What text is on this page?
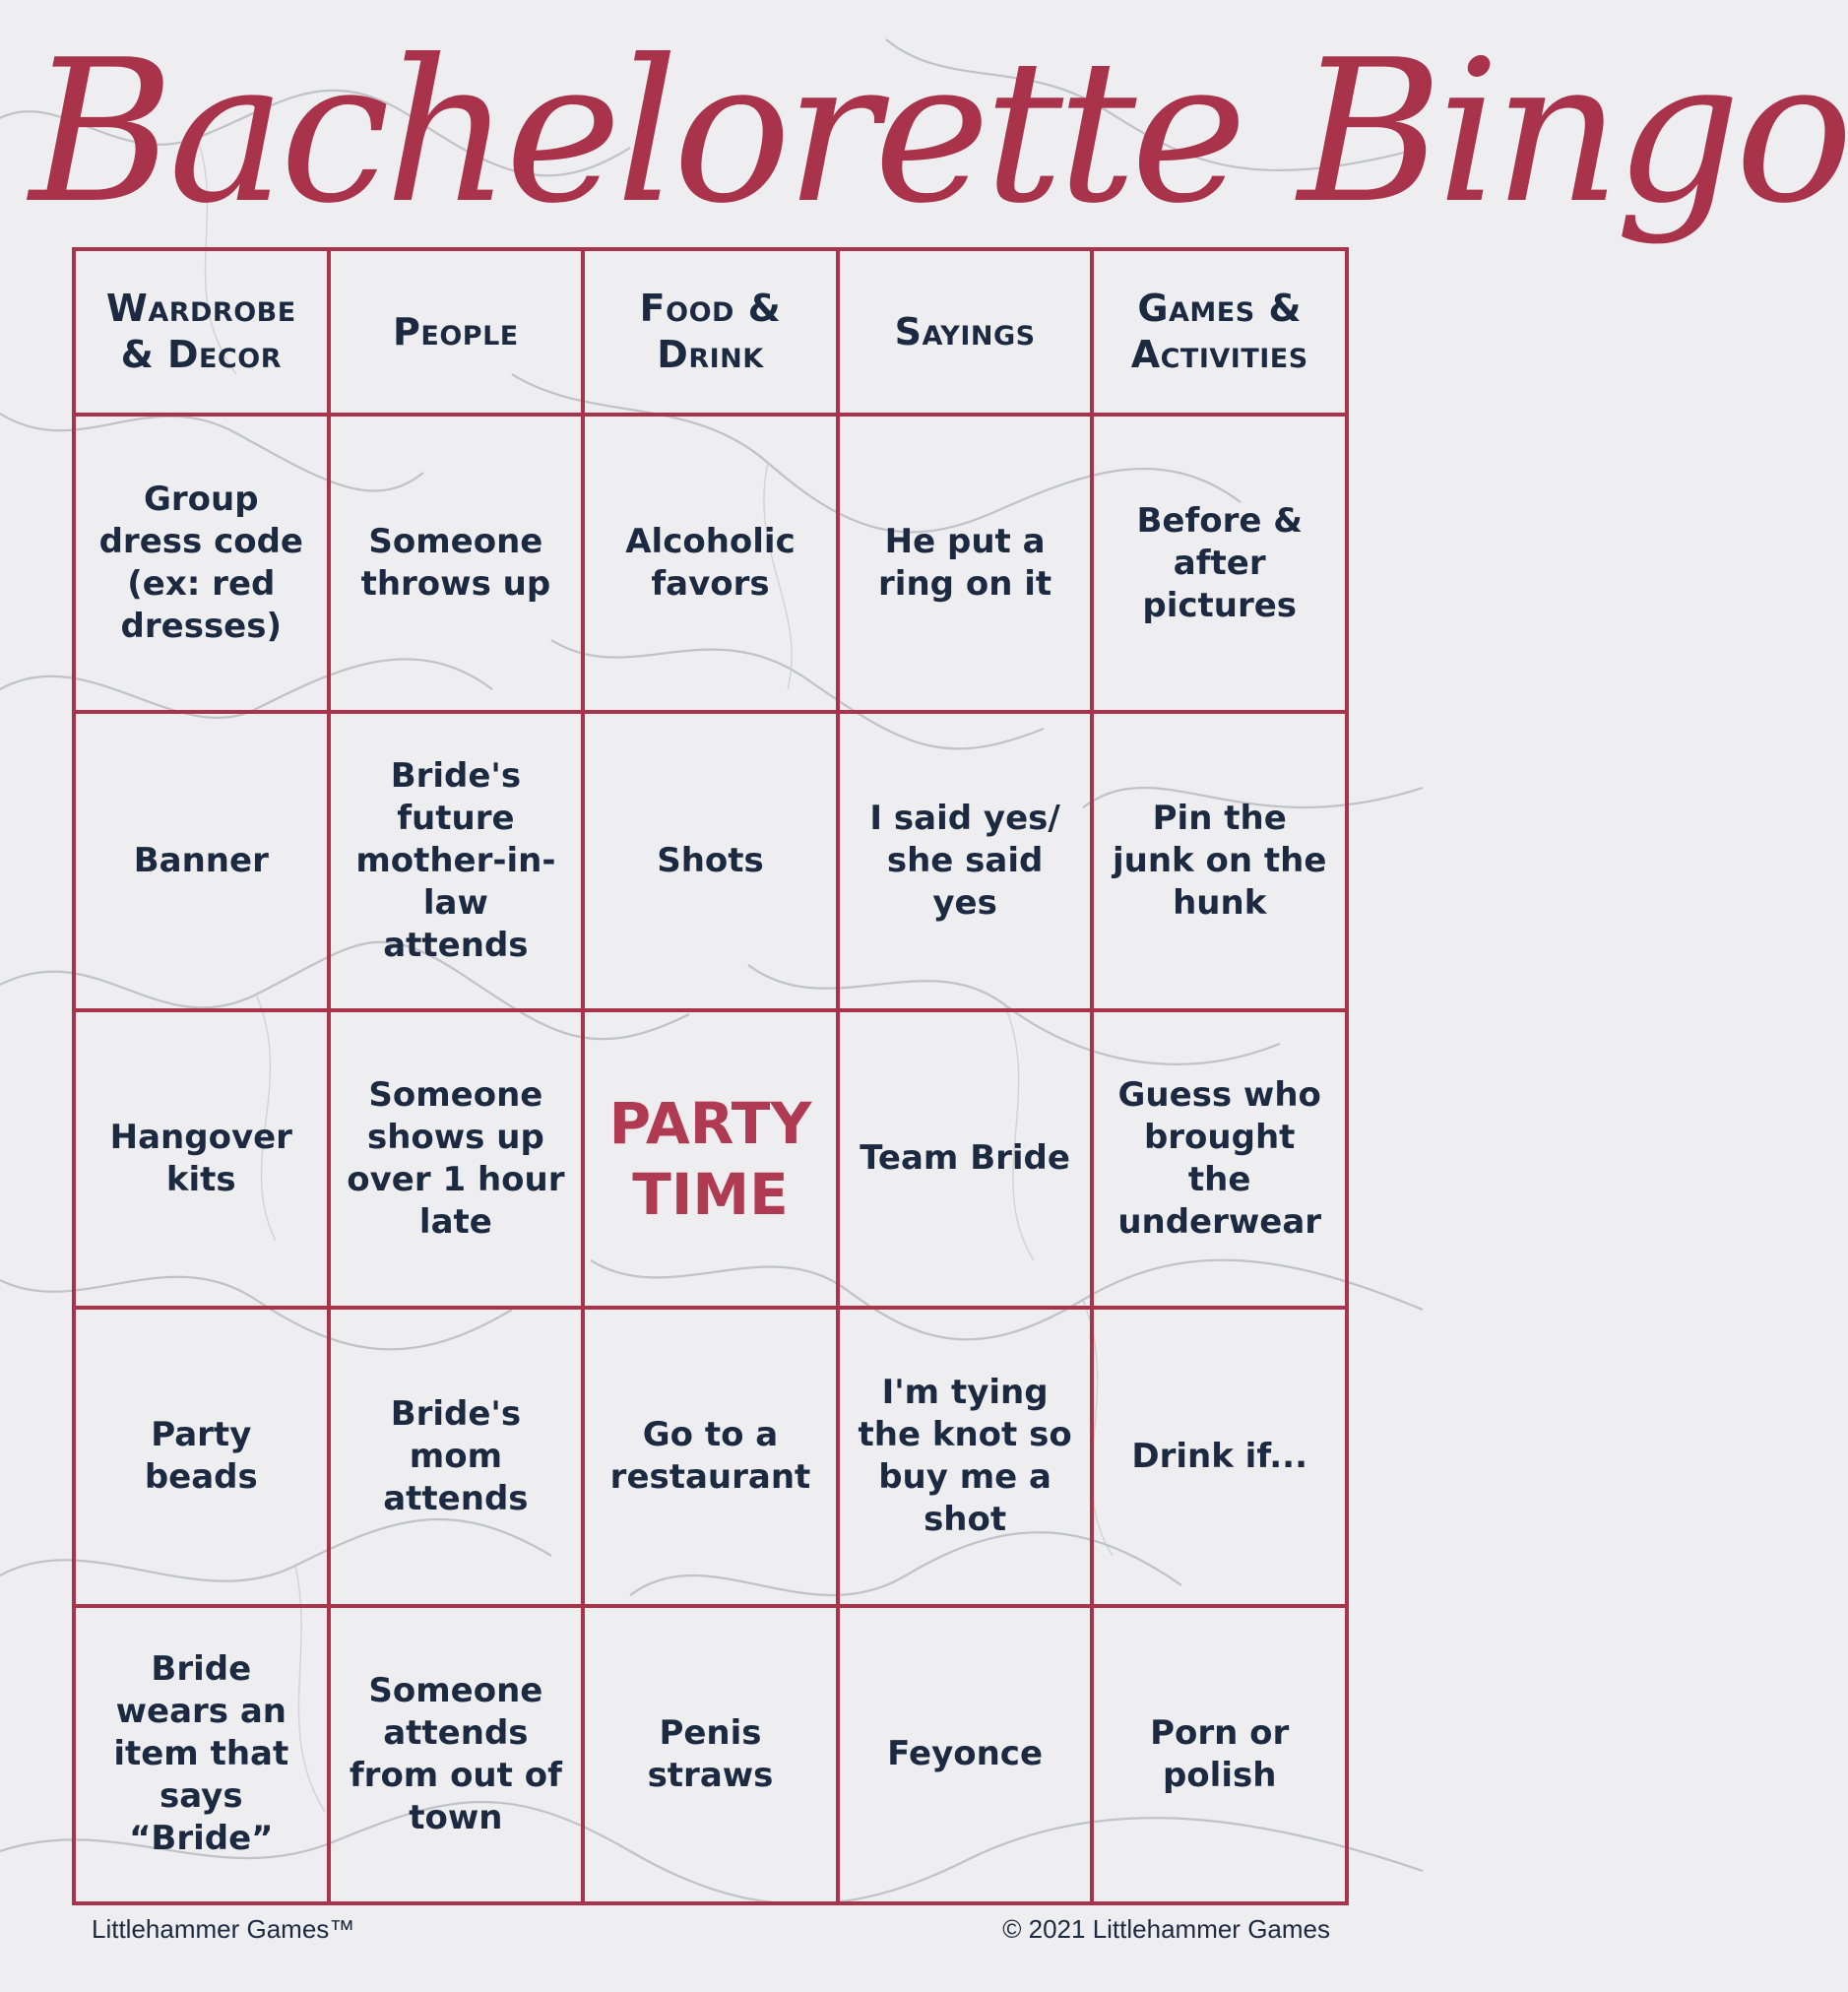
Bachelorette Bingo
Wardrobe & Decor
People
Food & Drink
Sayings
Games & Activities
Group dress code (ex: red dresses)
Someone throws up
Alcoholic favors
He put a ring on it
Before & after pictures
Banner
Bride's future mother-in-law attends
Shots
I said yes/ she said yes
Pin the junk on the hunk
Hangover kits
Someone shows up over 1 hour late
PARTY TIME
Team Bride
Guess who brought the underwear
Party beads
Bride's mom attends
Go to a restaurant
I'm tying the knot so buy me a shot
Drink if...
Bride wears an item that says “Bride”
Someone attends from out of town
Penis straws
Feyonce
Porn or polish
Littlehammer Games™	© 2021 Littlehammer Games
